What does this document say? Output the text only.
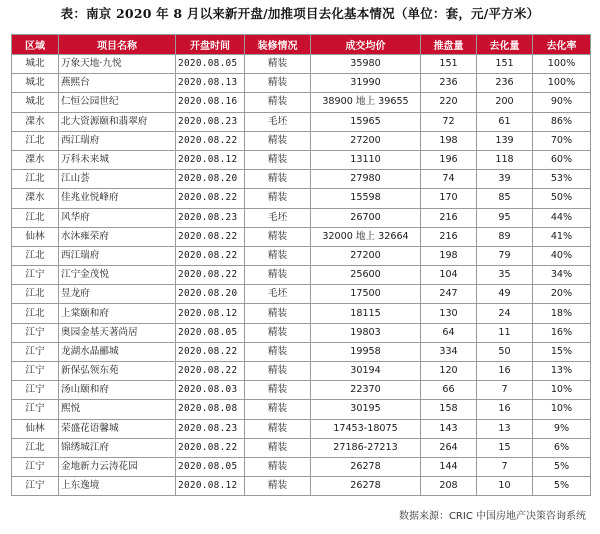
表：南京 2020 年 8 月以来新开盘/加推项目去化基本情况（单位：套，元/平方米）
区域	项目名称	开盘时间	装修情况	成交均价	推盘量	去化量	去化率
城北	万象天地·九悦	2020.08.05	精装	35980	151	151	100%
城北	燕熙台	2020.08.13	精装	31990	236	236	100%
城北	仁恒公园世纪	2020.08.16	精装	38900 地上 39655	220	200	90%
溧水	北大资源颐和翡翠府	2020.08.23	毛坯	15965	72	61	86%
江北	西江瑞府	2020.08.22	精装	27200	198	139	70%
溧水	万科未来城	2020.08.12	精装	13110	196	118	60%
江北	江山荟	2020.08.20	精装	27980	74	39	53%
溧水	佳兆业悦峰府	2020.08.22	精装	15598	170	85	50%
江北	风华府	2020.08.23	毛坯	26700	216	95	44%
仙林	水沐雍荣府	2020.08.22	精装	32000 地上 32664	216	89	41%
江北	西江瑞府	2020.08.22	精装	27200	198	79	40%
江宁	江宁金茂悦	2020.08.22	精装	25600	104	35	34%
江北	昱龙府	2020.08.20	毛坯	17500	247	49	20%
江北	上棠颐和府	2020.08.12	精装	18115	130	24	18%
江宁	奥园金基天著尚居	2020.08.05	精装	19803	64	11	16%
江宁	龙湖水晶郦城	2020.08.22	精装	19958	334	50	15%
江宁	新保弘领东苑	2020.08.22	精装	30194	120	16	13%
江宁	汤山颐和府	2020.08.03	精装	22370	66	7	10%
江宁	熙悦	2020.08.08	精装	30195	158	16	10%
仙林	荣盛花语馨城	2020.08.23	精装	17453-18075	143	13	9%
江北	锦绣城江府	2020.08.22	精装	27186-27213	264	15	6%
江宁	金地新力云涛花园	2020.08.05	精装	26278	144	7	5%
江宁	上东逸境	2020.08.12	精装	26278	208	10	5%
数据来源：CRIC 中国房地产决策咨询系统
